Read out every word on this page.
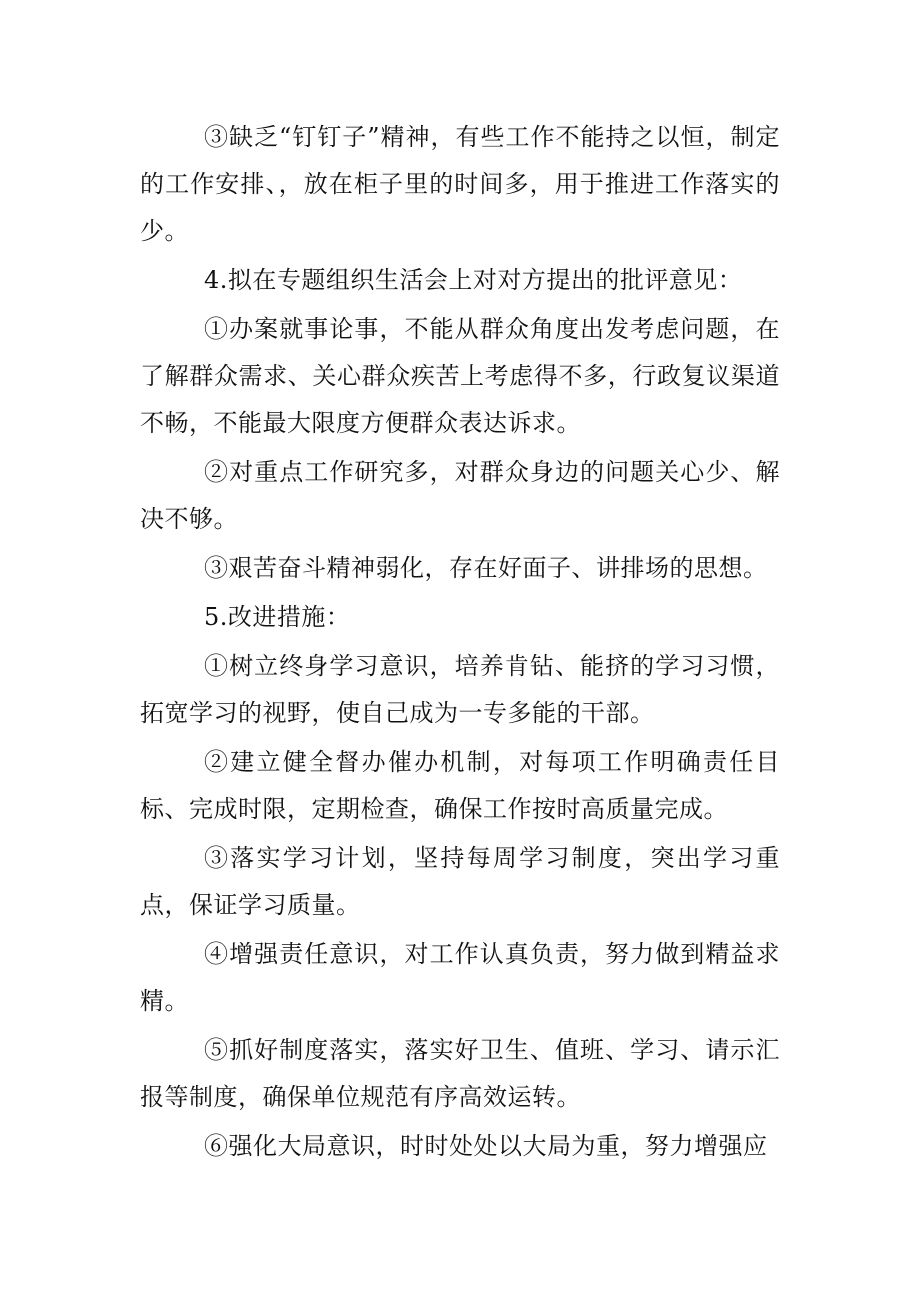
③缺乏“钉钉子”精神，有些工作不能持之以恒，制定的工作安排、，放在柜子里的时间多，用于推进工作落实的少。

4.拟在专题组织生活会上对对方提出的批评意见：

①办案就事论事，不能从群众角度出发考虑问题，在了解群众需求、关心群众疾苦上考虑得不多，行政复议渠道不畅，不能最大限度方便群众表达诉求。

②对重点工作研究多，对群众身边的问题关心少、解决不够。

③艰苦奋斗精神弱化，存在好面子、讲排场的思想。

5.改进措施：

①树立终身学习意识，培养肯钻、能挤的学习习惯，拓宽学习的视野，使自己成为一专多能的干部。

②建立健全督办催办机制，对每项工作明确责任目标、完成时限，定期检查，确保工作按时高质量完成。

③落实学习计划，坚持每周学习制度，突出学习重点，保证学习质量。

④增强责任意识，对工作认真负责，努力做到精益求精。

⑤抓好制度落实，落实好卫生、值班、学习、请示汇报等制度，确保单位规范有序高效运转。

⑥强化大局意识，时时处处以大局为重，努力增强应
